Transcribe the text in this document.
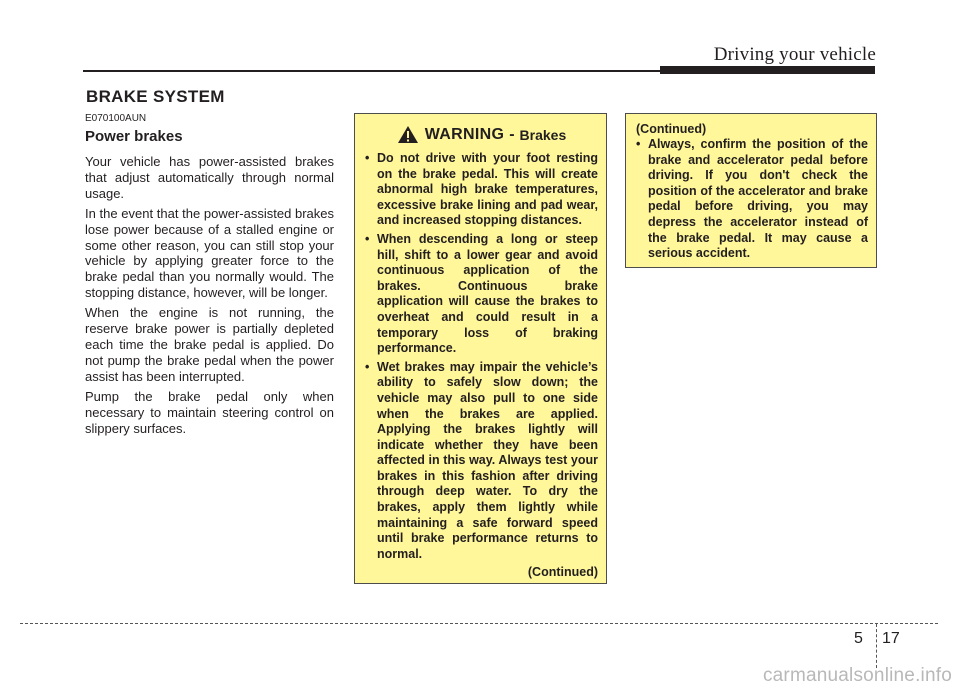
Driving your vehicle
BRAKE SYSTEM
E070100AUN
Power brakes

Your vehicle has power-assisted brakes that adjust automatically through normal usage.

In the event that the power-assisted brakes lose power because of a stalled engine or some other reason, you can still stop your vehicle by applying greater force to the brake pedal than you normally would. The stopping distance, however, will be longer.

When the engine is not running, the reserve brake power is partially depleted each time the brake pedal is applied. Do not pump the brake pedal when the power assist has been interrupted.

Pump the brake pedal only when necessary to maintain steering control on slippery surfaces.

WARNING - Brakes
• Do not drive with your foot resting on the brake pedal. This will create abnormal high brake temperatures, excessive brake lining and pad wear, and increased stopping distances.
• When descending a long or steep hill, shift to a lower gear and avoid continuous application of the brakes. Continuous brake application will cause the brakes to overheat and could result in a temporary loss of braking performance.
• Wet brakes may impair the vehicle’s ability to safely slow down; the vehicle may also pull to one side when the brakes are applied. Applying the brakes lightly will indicate whether they have been affected in this way. Always test your brakes in this fashion after driving through deep water. To dry the brakes, apply them lightly while maintaining a safe forward speed until brake performance returns to normal.
(Continued)
(Continued)
• Always, confirm the position of the brake and accelerator pedal before driving. If you don't check the position of the accelerator and brake pedal before driving, you may depress the accelerator instead of the brake pedal. It may cause a serious accident.
5 17
carmanualsonline.info
